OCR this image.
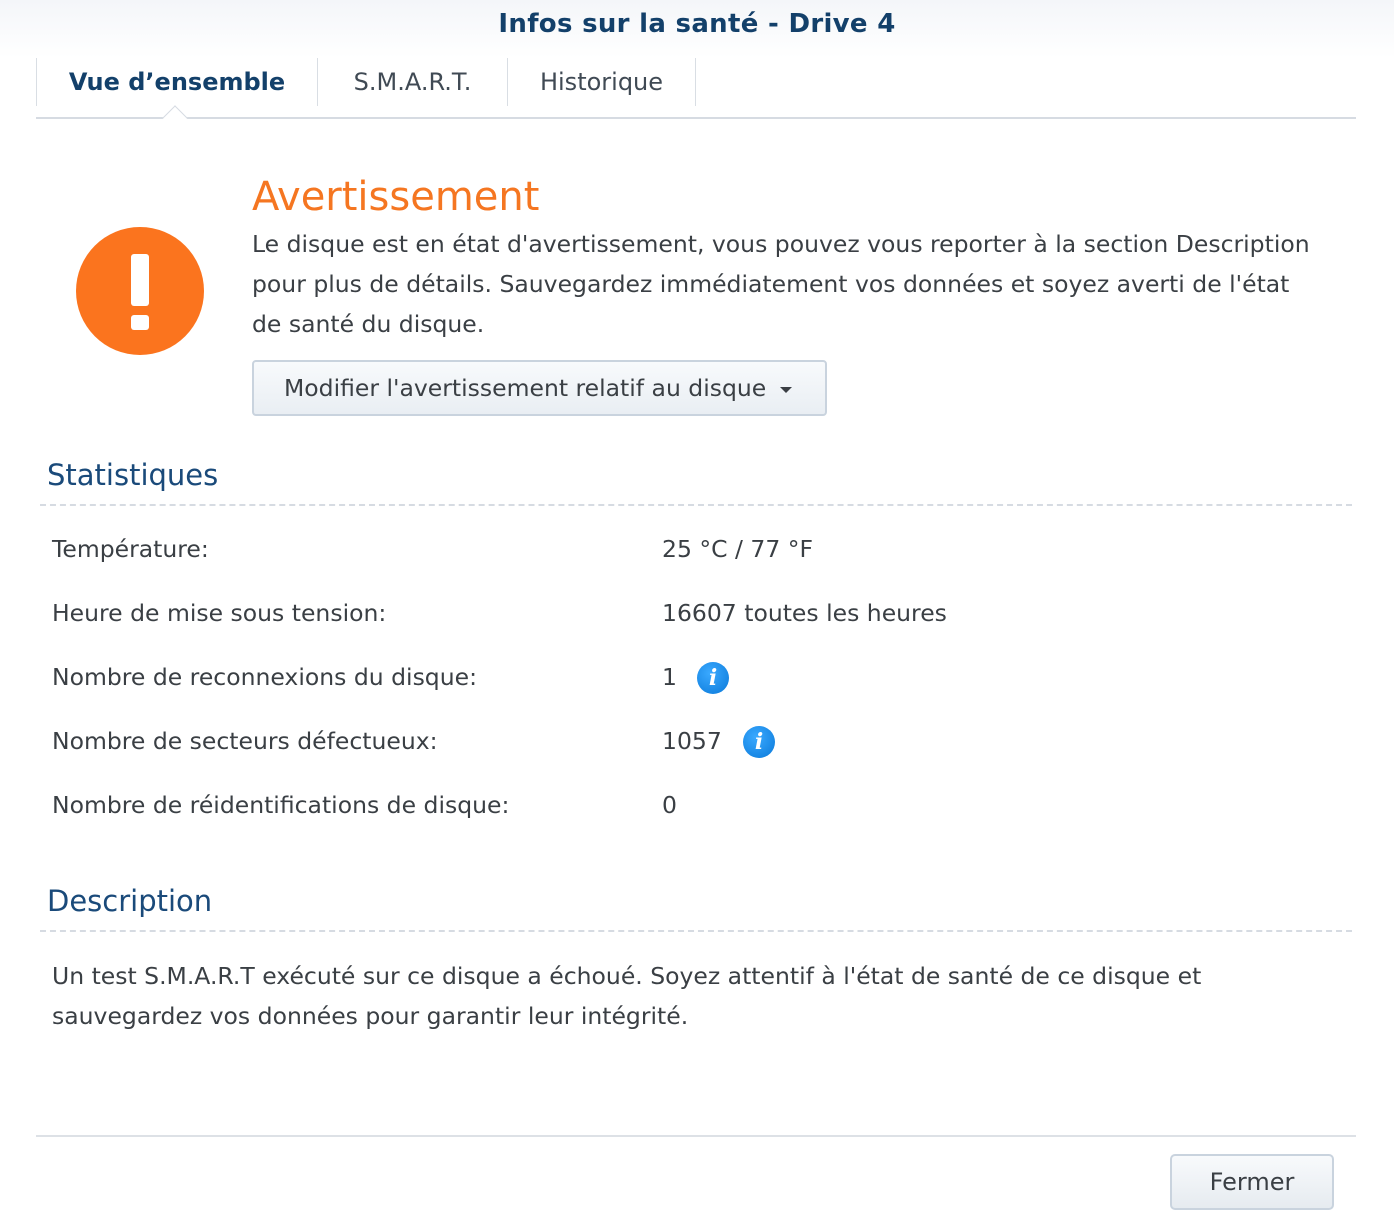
Infos sur la santé - Drive 4
Vue d’ensemble	S.M.A.R.T.	Historique
Avertissement
Le disque est en état d'avertissement, vous pouvez vous reporter à la section Description pour plus de détails. Sauvegardez immédiatement vos données et soyez averti de l'état de santé du disque.
Modifier l'avertissement relatif au disque
Statistiques
Température:	25 °C / 77 °F
Heure de mise sous tension:	16607 toutes les heures
Nombre de reconnexions du disque:	1	i
Nombre de secteurs défectueux:	1057	i
Nombre de réidentifications de disque:	0
Description
Un test S.M.A.R.T exécuté sur ce disque a échoué. Soyez attentif à l'état de santé de ce disque et sauvegardez vos données pour garantir leur intégrité.
Fermer
